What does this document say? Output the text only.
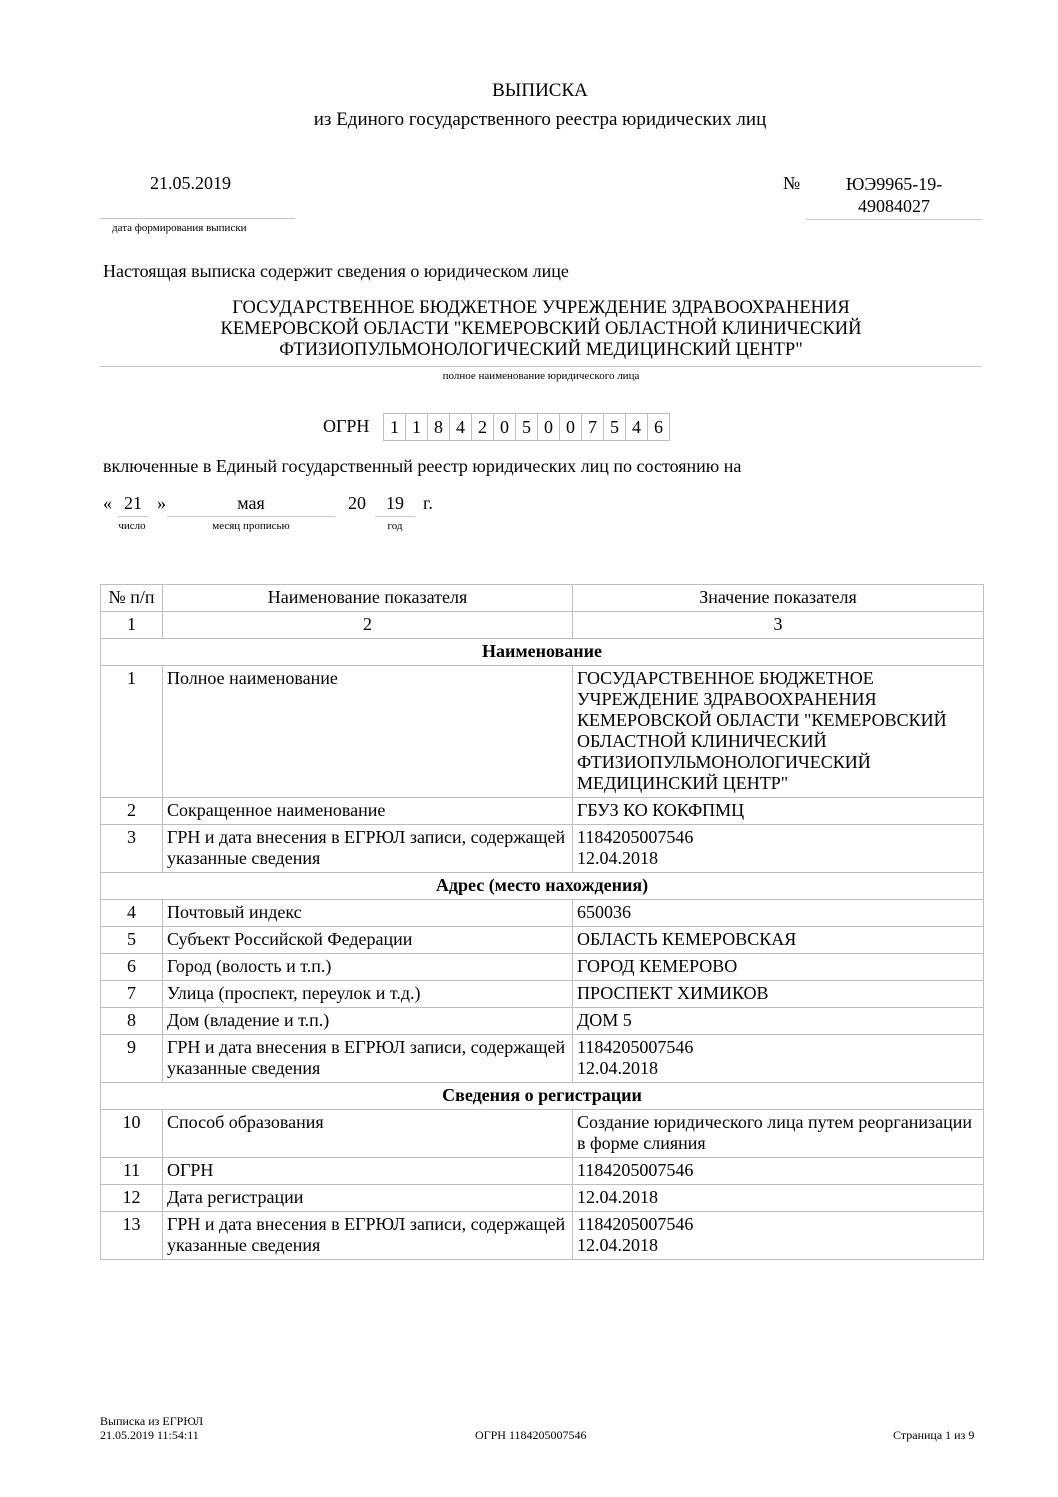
ВЫПИСКА
из Единого государственного реестра юридических лиц
21.05.2019
дата формирования выписки
№	ЮЭ9965-19-
49084027
Настоящая выписка содержит сведения о юридическом лице
ГОСУДАРСТВЕННОЕ БЮДЖЕТНОЕ УЧРЕЖДЕНИЕ ЗДРАВООХРАНЕНИЯ
КЕМЕРОВСКОЙ ОБЛАСТИ "КЕМЕРОВСКИЙ ОБЛАСТНОЙ КЛИНИЧЕСКИЙ
ФТИЗИОПУЛЬМОНОЛОГИЧЕСКИЙ МЕДИЦИНСКИЙ ЦЕНТР"
полное наименование юридического лица
ОГРН	1 1 8 4 2 0 5 0 0 7 5 4 6
включенные в Единый государственный реестр юридических лиц по состоянию на
« 21 »	мая	20	19	г.
число	месяц прописью	год
№ п/п	Наименование показателя	Значение показателя
1	2	3
Наименование		
1	Полное наименование	ГОСУДАРСТВЕННОЕ БЮДЖЕТНОЕ УЧРЕЖДЕНИЕ ЗДРАВООХРАНЕНИЯ КЕМЕРОВСКОЙ ОБЛАСТИ "КЕМЕРОВСКИЙ ОБЛАСТНОЙ КЛИНИЧЕСКИЙ ФТИЗИОПУЛЬМОНОЛОГИЧЕСКИЙ МЕДИЦИНСКИЙ ЦЕНТР"
2	Сокращенное наименование	ГБУЗ КО КОКФПМЦ
3	ГРН и дата внесения в ЕГРЮЛ записи, содержащей указанные сведения	1184205007546
12.04.2018
Адрес (место нахождения)		
4	Почтовый индекс	650036
5	Субъект Российской Федерации	ОБЛАСТЬ КЕМЕРОВСКАЯ
6	Город (волость и т.п.)	ГОРОД КЕМЕРОВО
7	Улица (проспект, переулок и т.д.)	ПРОСПЕКТ ХИМИКОВ
8	Дом (владение и т.п.)	ДОМ 5
9	ГРН и дата внесения в ЕГРЮЛ записи, содержащей указанные сведения	1184205007546
12.04.2018
Сведения о регистрации		
10	Способ образования	Создание юридического лица путем реорганизации в форме слияния
11	ОГРН	1184205007546
12	Дата регистрации	12.04.2018
13	ГРН и дата внесения в ЕГРЮЛ записи, содержащей указанные сведения	1184205007546
12.04.2018
Выписка из ЕГРЮЛ
21.05.2019 11:54:11	ОГРН 1184205007546	Страница 1 из 9
